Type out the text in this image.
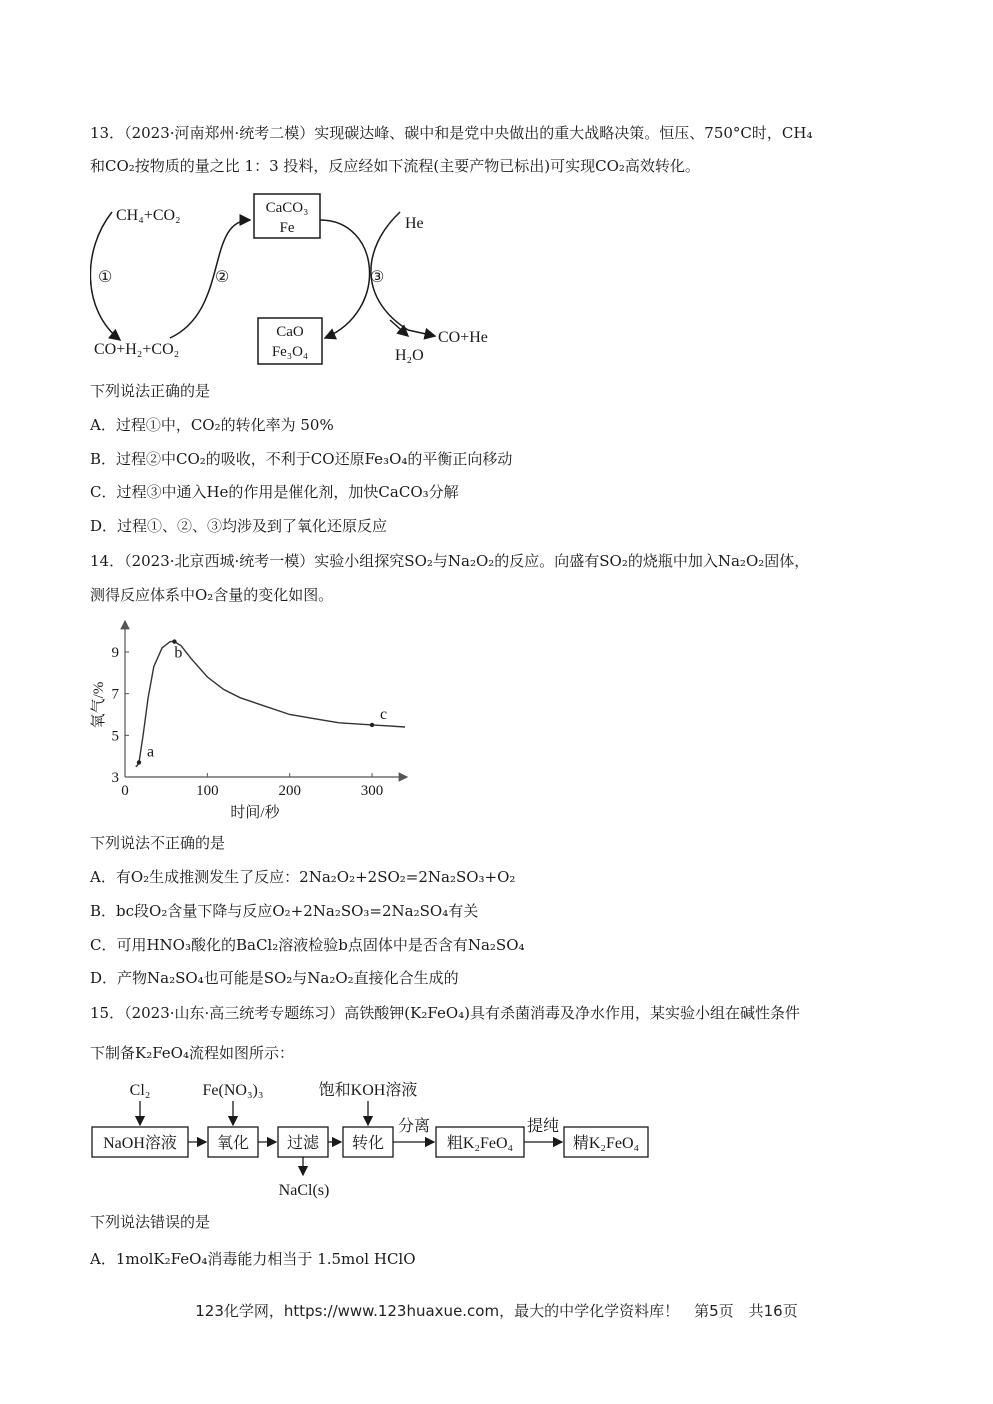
13．（2023·河南郑州·统考二模）实现碳达峰、碳中和是党中央做出的重大战略决策。恒压、750°C时，CH₄
和CO₂按物质的量之比 1：3 投料，反应经如下流程(主要产物已标出)可实现CO₂高效转化。
CH₄+CO₂
CO+H₂+CO₂
①	②
CaCO₃
Fe
CaO
Fe₃O₄
③
He
CO+He
H₂O
下列说法正确的是
A．过程①中，CO₂的转化率为 50%
B．过程②中CO₂的吸收，不利于CO还原Fe₃O₄的平衡正向移动
C．过程③中通入He的作用是催化剂，加快CaCO₃分解
D．过程①、②、③均涉及到了氧化还原反应
14．（2023·北京西城·统考一模）实验小组探究SO₂与Na₂O₂的反应。向盛有SO₂的烧瓶中加入Na₂O₂固体，
测得反应体系中O₂含量的变化如图。
0	100	200	300
3
5
7
9
a
b
c
时间/秒
氧气/%
下列说法不正确的是
A．有O₂生成推测发生了反应：2Na₂O₂+2SO₂=2Na₂SO₃+O₂
B．bc段O₂含量下降与反应O₂+2Na₂SO₃=2Na₂SO₄有关
C．可用HNO₃酸化的BaCl₂溶液检验b点固体中是否含有Na₂SO₄
D．产物Na₂SO₄也可能是SO₂与Na₂O₂直接化合生成的
15．（2023·山东·高三统考专题练习）高铁酸钾(K₂FeO₄)具有杀菌消毒及净水作用，某实验小组在碱性条件
下制备K₂FeO₄流程如图所示：
Cl₂	Fe(NO₃)₃	饱和KOH溶液
NaOH溶液	氧化 过滤
NaCl(s)
转化
分离
粗K₂FeO₄
提纯
精K₂FeO₄
下列说法错误的是
A．1molK₂FeO₄消毒能力相当于 1.5mol HClO
123化学网，https://www.123huaxue.com，最大的中学化学资料库！　第5页　共16页
